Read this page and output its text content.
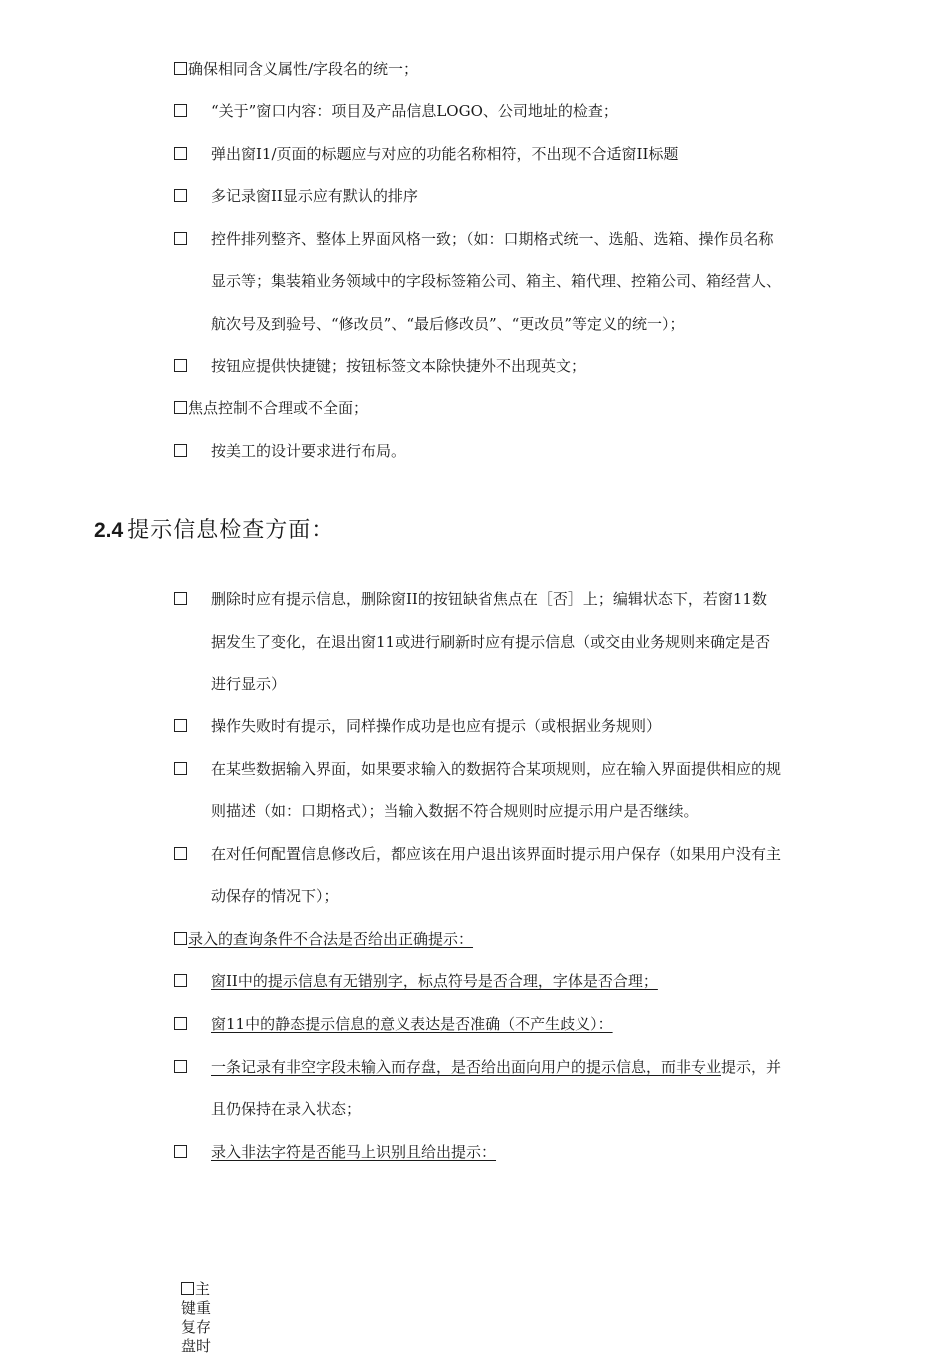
确保相同含义属性/字段名的统一；
“关于”窗口内容：项目及产品信息LOGO、公司地址的检查；
弹出窗I1/页面的标题应与对应的功能名称相符，不出现不合适窗II标题
多记录窗II显示应有默认的排序
控件排列整齐、整体上界面风格一致；（如：口期格式统一、选船、选箱、操作员名称
显示等；集装箱业务领域中的字段标签箱公司、箱主、箱代理、控箱公司、箱经营人、
航次号及到验号、“修改员”、“最后修改员”、“更改员”等定义的统一）；
按钮应提供快捷键；按钮标签文本除快捷外不出现英文；
焦点控制不合理或不全面；
按美工的设计要求进行布局。
2.4 提示信息检查方面：
删除时应有提示信息，删除窗II的按钮缺省焦点在［否］上；编辑状态下，若窗11数
据发生了变化，在退出窗11或进行刷新时应有提示信息（或交由业务规则来确定是否
进行显示）
操作失败时有提示，同样操作成功是也应有提示（或根据业务规则）
在某些数据输入界面，如果要求输入的数据符合某项规则，应在输入界面提供相应的规
则描述（如：口期格式）；当输入数据不符合规则时应提示用户是否继续。
在对任何配置信息修改后，都应该在用户退出该界面时提示用户保存（如果用户没有主
动保存的情况下）；
录入的查询条件不合法是否给出正确提示：
窗II中的提示信息有无错别字，标点符号是否合理，字体是否合理；
窗11中的静态提示信息的意义表达是否准确（不产生歧义）：
一条记录有非空字段未输入而存盘，是否给出面向用户的提示信息，而非专业提示，并
且仍保持在录入状态；
录入非法字符是否能马上识别且给出提示：
主
键重
复存
盘时
